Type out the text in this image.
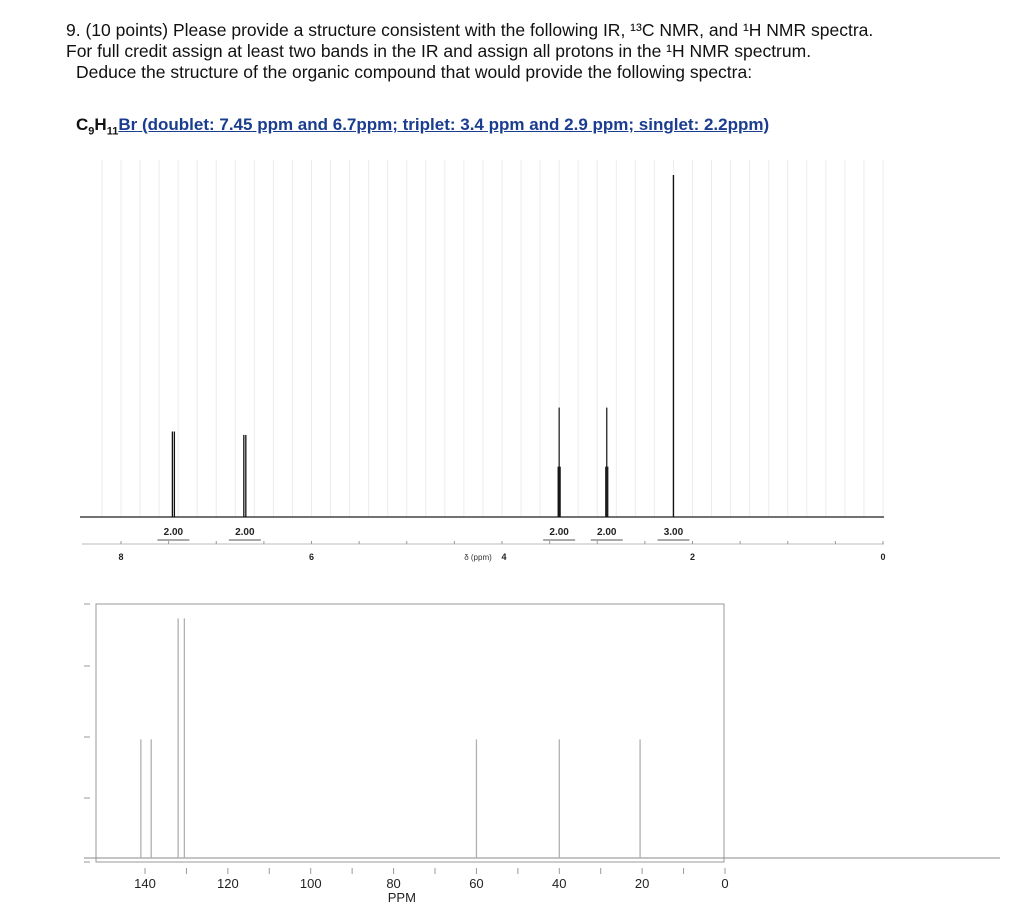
9. (10 points) Please provide a structure consistent with the following IR, ¹³C NMR, and ¹H NMR spectra.
For full credit assign at least two bands in the IR and assign all protons in the ¹H NMR spectrum.
Deduce the structure of the organic compound that would provide the following spectra:
$C_9H_{11}Br$ (doublet: 7.45 ppm and 6.7ppm; triplet: 3.4 ppm and 2.9 ppm; singlet: 2.2ppm)
2.00	2.00	2.00	2.00	3.00
8	6	δ (ppm) 4	2	0
140	120	100	80	60	40	20	0
PPM
